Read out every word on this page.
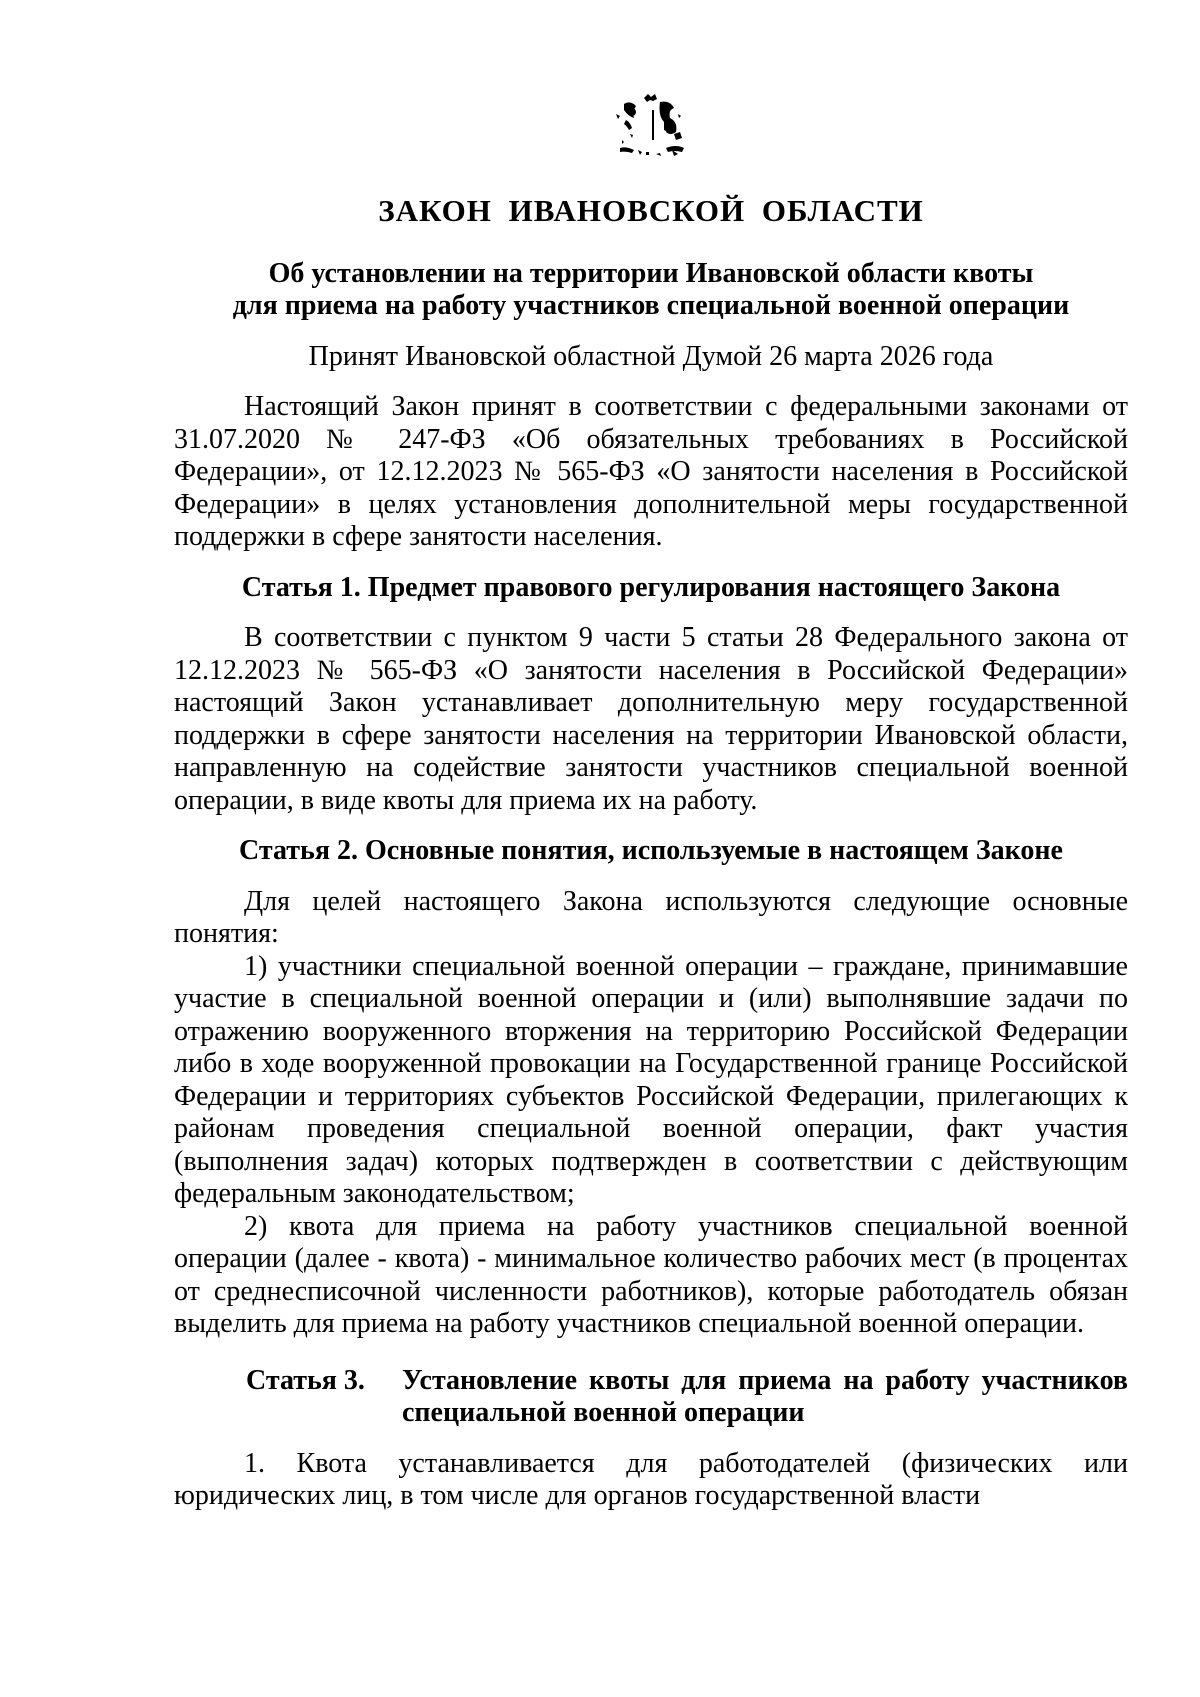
ЗАКОН ИВАНОВСКОЙ ОБЛАСТИ
Об установлении на территории Ивановской области квоты
для приема на работу участников специальной военной операции
Принят Ивановской областной Думой 26 марта 2026 года

Настоящий Закон принят в соответствии с федеральными законами от 31.07.2020 № 247-ФЗ «Об обязательных требованиях в Российской Федерации», от 12.12.2023 № 565-ФЗ «О занятости населения в Российской Федерации» в целях установления дополнительной меры государственной поддержки в сфере занятости населения.

Статья 1. Предмет правового регулирования настоящего Закона

В соответствии с пунктом 9 части 5 статьи 28 Федерального закона от 12.12.2023 № 565-ФЗ «О занятости населения в Российской Федерации» настоящий Закон устанавливает дополнительную меру государственной поддержки в сфере занятости населения на территории Ивановской области, направленную на содействие занятости участников специальной военной операции, в виде квоты для приема их на работу.

Статья 2. Основные понятия, используемые в настоящем Законе

Для целей настоящего Закона используются следующие основные понятия:

1) участники специальной военной операции – граждане, принимавшие участие в специальной военной операции и (или) выполнявшие задачи по отражению вооруженного вторжения на территорию Российской Федерации либо в ходе вооруженной провокации на Государственной границе Российской Федерации и территориях субъектов Российской Федерации, прилегающих к районам проведения специальной военной операции, факт участия (выполнения задач) которых подтвержден в соответствии с действующим федеральным законодательством;

2) квота для приема на работу участников специальной военной операции (далее - квота) - минимальное количество рабочих мест (в процентах от среднесписочной численности работников), которые работодатель обязан выделить для приема на работу участников специальной военной операции.

Статья 3.	Установление квоты для приема на работу участников
специальной военной операции

1. Квота устанавливается для работодателей (физических или юридических лиц, в том числе для органов государственной власти
